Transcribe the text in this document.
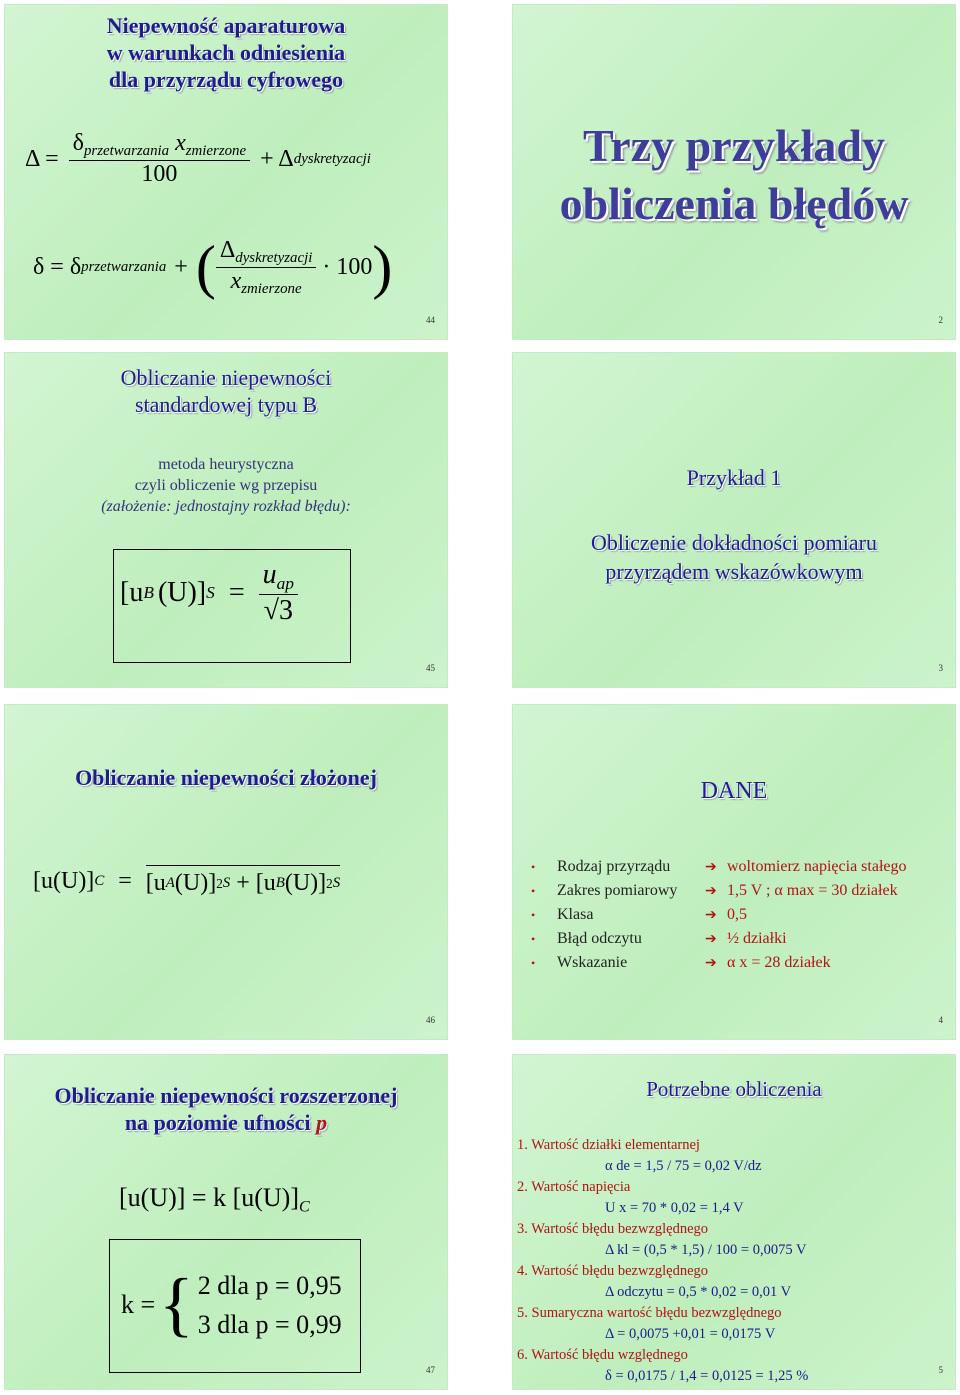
Niepewność aparaturowa
w warunkach odniesienia
dla przyrządu cyfrowego
$\Delta = \frac{\delta_{przetwarzania} x_{zmierzone}}{100} + \Delta$ dyskretyzacji
δ = δ przetwarzania + ( $\frac{\Delta_{dyskretyzacji}}{x_{zmierzone}} \cdot 100$ )
44
Trzy przykłady
obliczenia błędów
2
Obliczanie niepewności
standardowej typu B
metoda heurystyczna
czyli obliczenie wg przepisu
(założenie: jednostajny rozkład błędu):
[u B (U)] $S = \frac{u_{ap}}{√3}$
45
Przykład 1
Obliczenie dokładności pomiaru
przyrządem wskazówkowym
3
Obliczanie niepewności złożonej
[u(U)] C = [u A (U)] 2 S + [u B (U)] 2 S
46
DANE
•	Rodzaj przyrządu	➔ woltomierz napięcia stałego
•	Zakres pomiarowy	➔ 1,5 V ; α max = 30 działek
•	Klasa	➔ 0,5
•	Błąd odczytu	➔ ½ działki
•	Wskazanie	➔ α x = 28 działek
4
Obliczanie niepewności rozszerzonej
na poziomie ufności p
[u(U)] = k $[u(U)]_C$
k = { 2 dla p = 0,95
3 dla p = 0,99
47
Potrzebne obliczenia
1. Wartość działki elementarnej
α de = 1,5 / 75 = 0,02 V/dz
2. Wartość napięcia
U x = 70 * 0,02 = 1,4 V
3. Wartość błędu bezwzględnego
Δ kl = (0,5 * 1,5) / 100 = 0,0075 V
4. Wartość błędu bezwzględnego
Δ odczytu = 0,5 * 0,02 = 0,01 V
5. Sumaryczna wartość błędu bezwzględnego
Δ = 0,0075 +0,01 = 0,0175 V
6. Wartość błędu względnego
δ = 0,0175 / 1,4 = 0,0125 = 1,25 %	5
